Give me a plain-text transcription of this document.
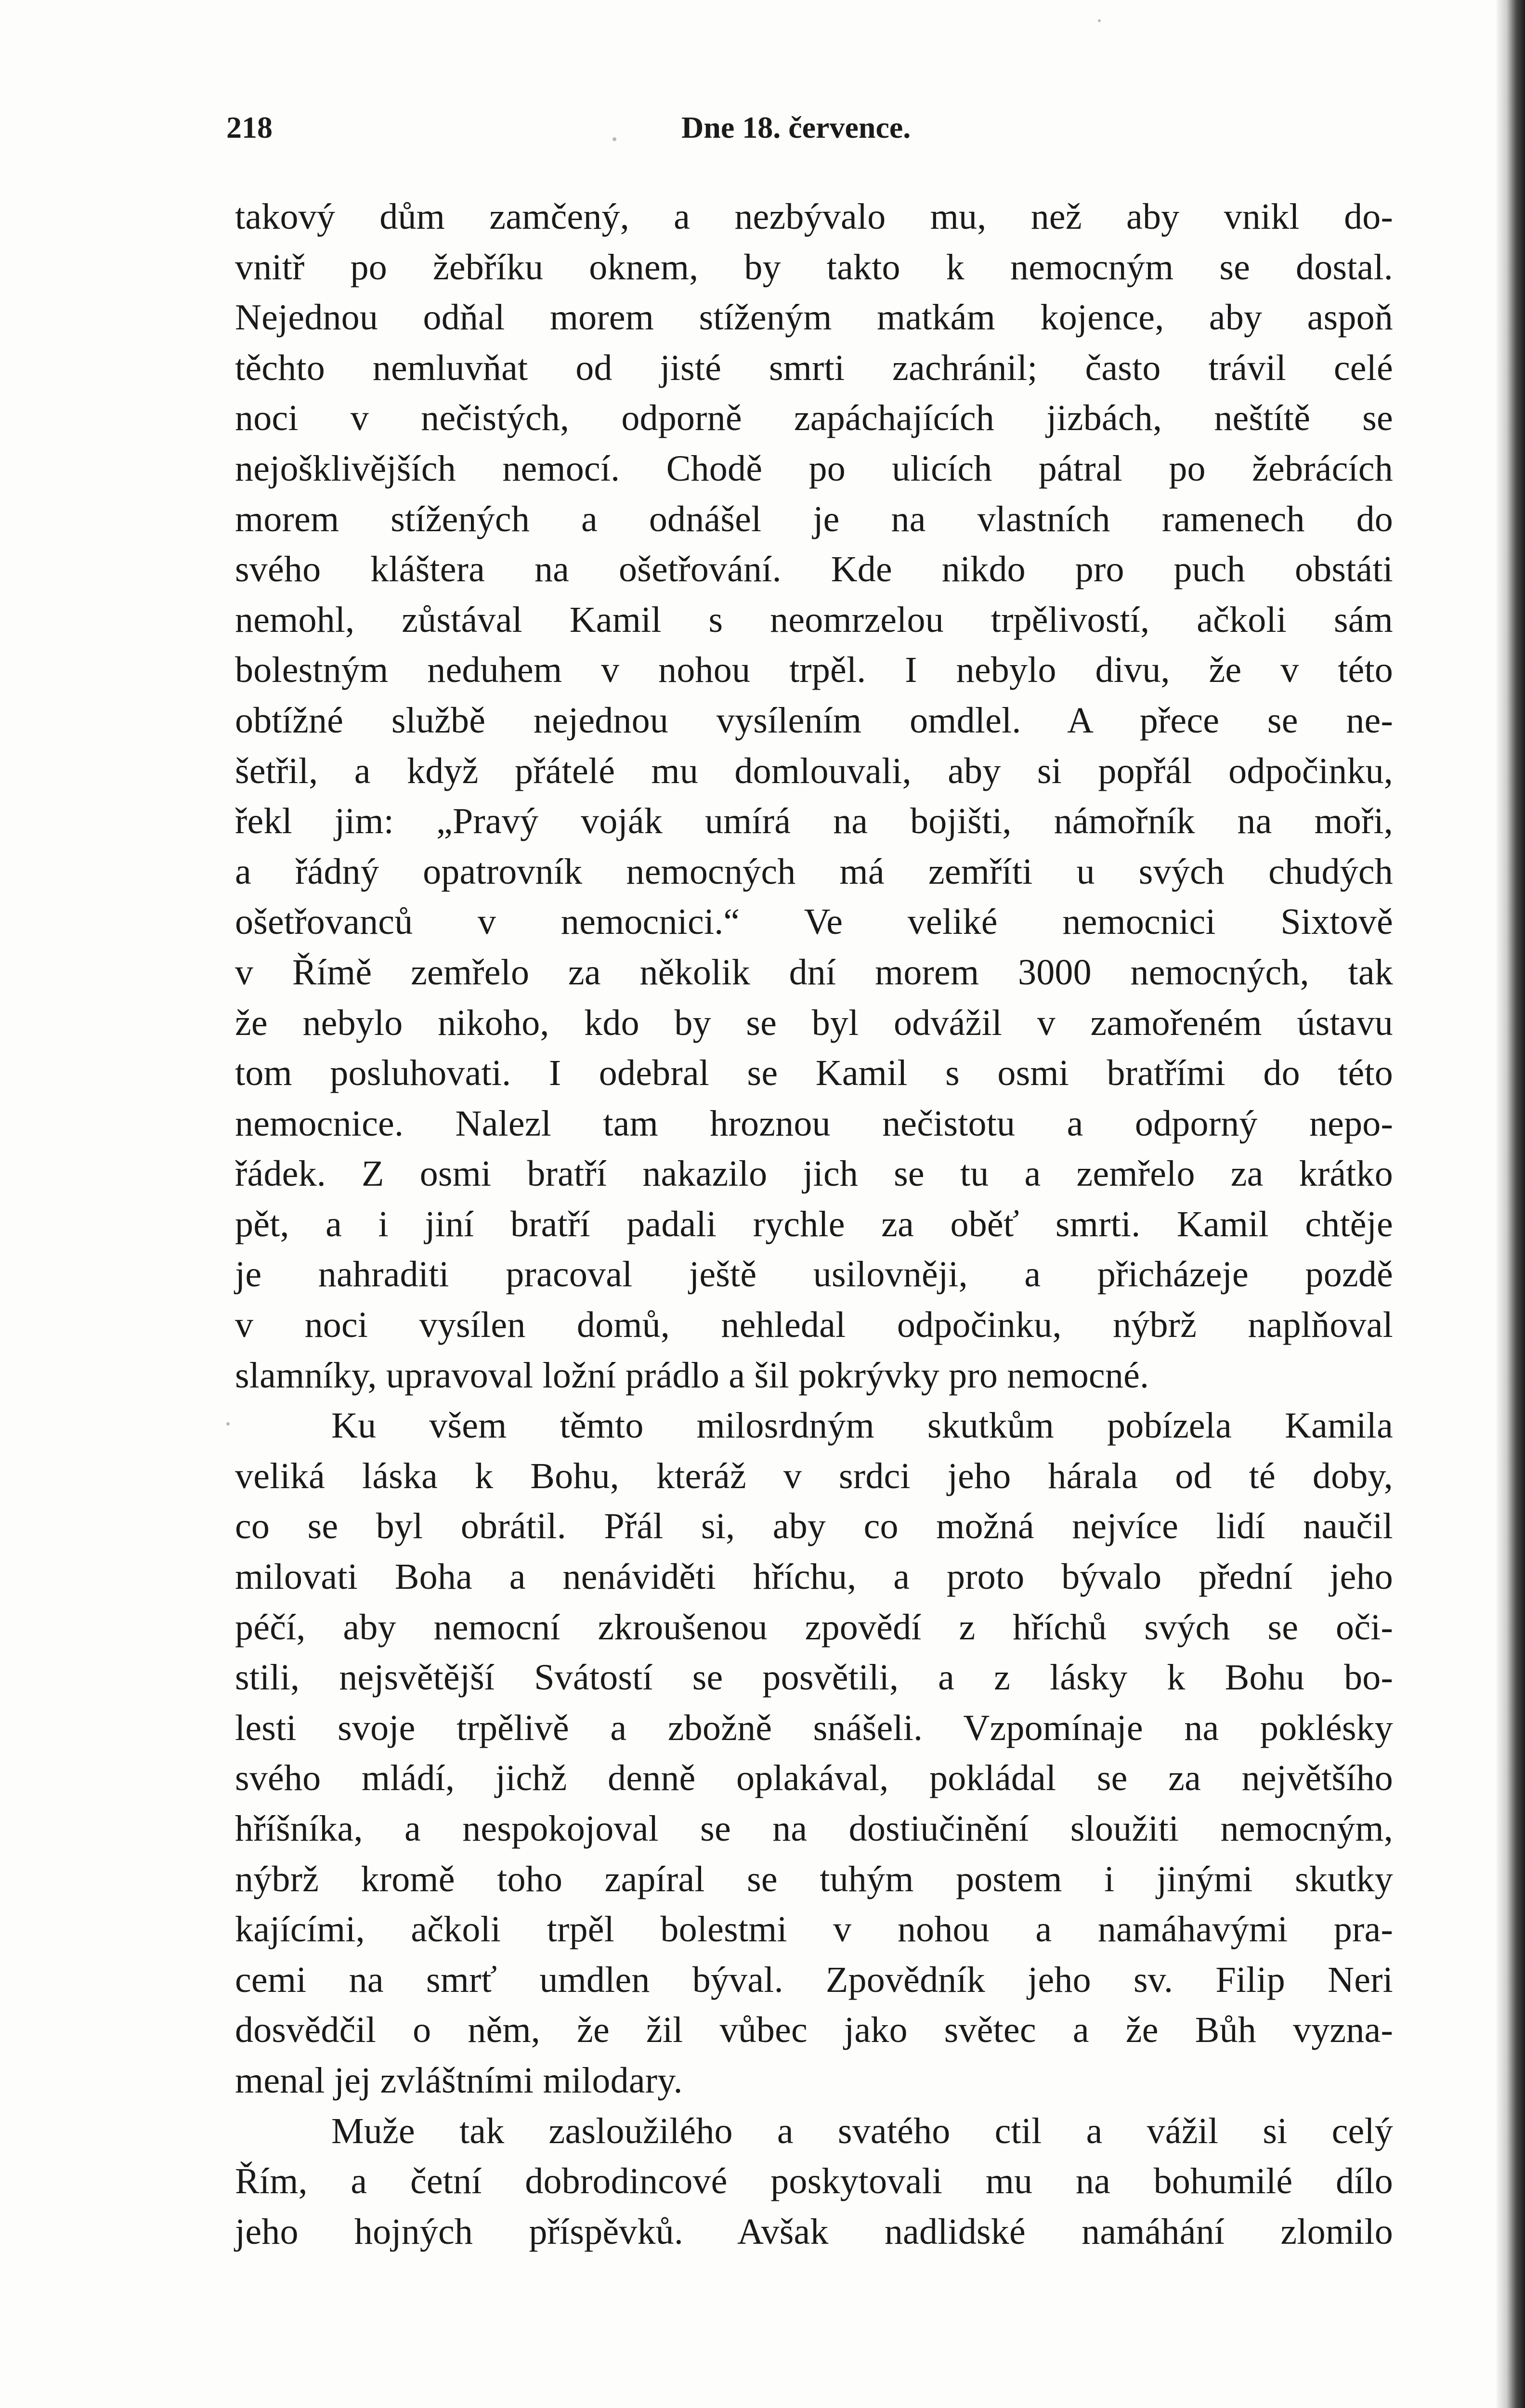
218	Dne 18. července.
takový dům zamčený, a nezbývalo mu, než aby vnikl do-
vnitř po žebříku oknem, by takto k nemocným se dostal.
Nejednou odňal morem stíženým matkám kojence, aby aspoň
těchto nemluvňat od jisté smrti zachránil; často trávil celé
noci v nečistých, odporně zapáchajících jizbách, neštítě se
nejošklivějších nemocí. Chodě po ulicích pátral po žebrácích
morem stížených a odnášel je na vlastních ramenech do
svého kláštera na ošetřování. Kde nikdo pro puch obstáti
nemohl, zůstával Kamil s neomrzelou trpělivostí, ačkoli sám
bolestným neduhem v nohou trpěl. I nebylo divu, že v této
obtížné službě nejednou vysílením omdlel. A přece se ne-
šetřil, a když přátelé mu domlouvali, aby si popřál odpočinku,
řekl jim: „Pravý voják umírá na bojišti, námořník na moři,
a řádný opatrovník nemocných má zemříti u svých chudých
ošetřovanců v nemocnici.“ Ve veliké nemocnici Sixtově
v Římě zemřelo za několik dní morem 3000 nemocných, tak
že nebylo nikoho, kdo by se byl odvážil v zamořeném ústavu
tom posluhovati. I odebral se Kamil s osmi bratřími do této
nemocnice. Nalezl tam hroznou nečistotu a odporný nepo-
řádek. Z osmi bratří nakazilo jich se tu a zemřelo za krátko
pět, a i jiní bratří padali rychle za oběť smrti. Kamil chtěje
je nahraditi pracoval ještě usilovněji, a přicházeje pozdě
v noci vysílen domů, nehledal odpočinku, nýbrž naplňoval
slamníky, upravoval ložní prádlo a šil pokrývky pro nemocné.
Ku všem těmto milosrdným skutkům pobízela Kamila
veliká láska k Bohu, kteráž v srdci jeho hárala od té doby,
co se byl obrátil. Přál si, aby co možná nejvíce lidí naučil
milovati Boha a nenáviděti hříchu, a proto bývalo přední jeho
péčí, aby nemocní zkroušenou zpovědí z hříchů svých se oči-
stili, nejsvětější Svátostí se posvětili, a z lásky k Bohu bo-
lesti svoje trpělivě a zbožně snášeli. Vzpomínaje na poklésky
svého mládí, jichž denně oplakával, pokládal se za největšího
hříšníka, a nespokojoval se na dostiučinění sloužiti nemocným,
nýbrž kromě toho zapíral se tuhým postem i jinými skutky
kajícími, ačkoli trpěl bolestmi v nohou a namáhavými pra-
cemi na smrť umdlen býval. Zpovědník jeho sv. Filip Neri
dosvědčil o něm, že žil vůbec jako světec a že Bůh vyzna-
menal jej zvláštními milodary.
Muže tak zasloužilého a svatého ctil a vážil si celý
Řím, a četní dobrodincové poskytovali mu na bohumilé dílo
jeho hojných příspěvků. Avšak nadlidské namáhání zlomilo
